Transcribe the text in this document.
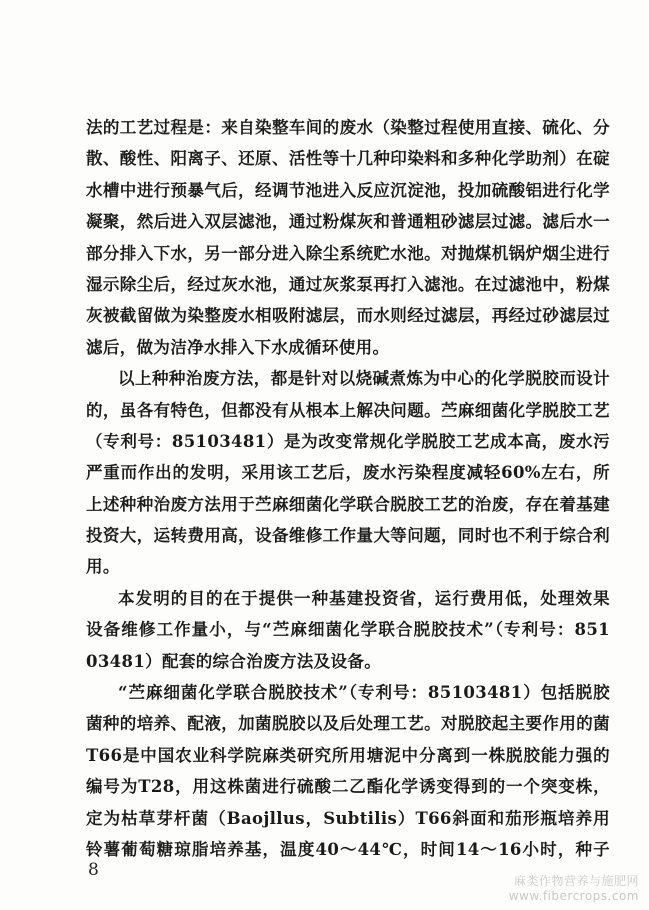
法的工艺过程是：来自染整车间的废水（染整过程使用直接、硫化、分
散、酸性、阳离子、还原、活性等十几种印染料和多种化学助剂）在碇
水槽中进行预暴气后，经调节池进入反应沉淀池，投加硫酸铝进行化学
凝聚，然后进入双层滤池，通过粉煤灰和普通粗砂滤层过滤。滤后水一
部分排入下水，另一部分进入除尘系统贮水池。对抛煤机锅炉烟尘进行
湿示除尘后，经过灰水池，通过灰浆泵再打入滤池。在过滤池中，粉煤
灰被截留做为染整废水相吸附滤层，而水则经过滤层，再经过砂滤层过
滤后，做为洁净水排入下水成循环使用。
以上种种治废方法，都是针对以烧碱煮炼为中心的化学脱胶而设计
的，虽各有特色，但都没有从根本上解决问题。苎麻细菌化学脱胶工艺
（专利号：85103481）是为改变常规化学脱胶工艺成本高，废水污
严重而作出的发明，采用该工艺后，废水污染程度减轻60%左右，所
上述种种治废方法用于苎麻细菌化学联合脱胶工艺的治废，存在着基建
投资大，运转费用高，设备维修工作量大等问题，同时也不利于综合利
用。
本发明的目的在于提供一种基建投资省，运行费用低，处理效果
设备维修工作量小，与“苎麻细菌化学联合脱胶技术”（专利号：851
03481）配套的综合治废方法及设备。
“苎麻细菌化学联合脱胶技术”（专利号：85103481）包括脱胶
菌种的培养、配液，加菌脱胶以及后处理工艺。对脱胶起主要作用的菌
T66是中国农业科学院麻类研究所用塘泥中分离到一株脱胶能力强的
编号为T28，用这株菌进行硫酸二乙酯化学诱变得到的一个突变株，
定为枯草芽杆菌（Baojllus，Subtilis）T66斜面和茄形瓶培养用
铃薯葡萄糖琼脂培养基，温度40～44℃，时间14～16小时，种子
8
麻类作物营养与施肥网
www.fibercrops.com
